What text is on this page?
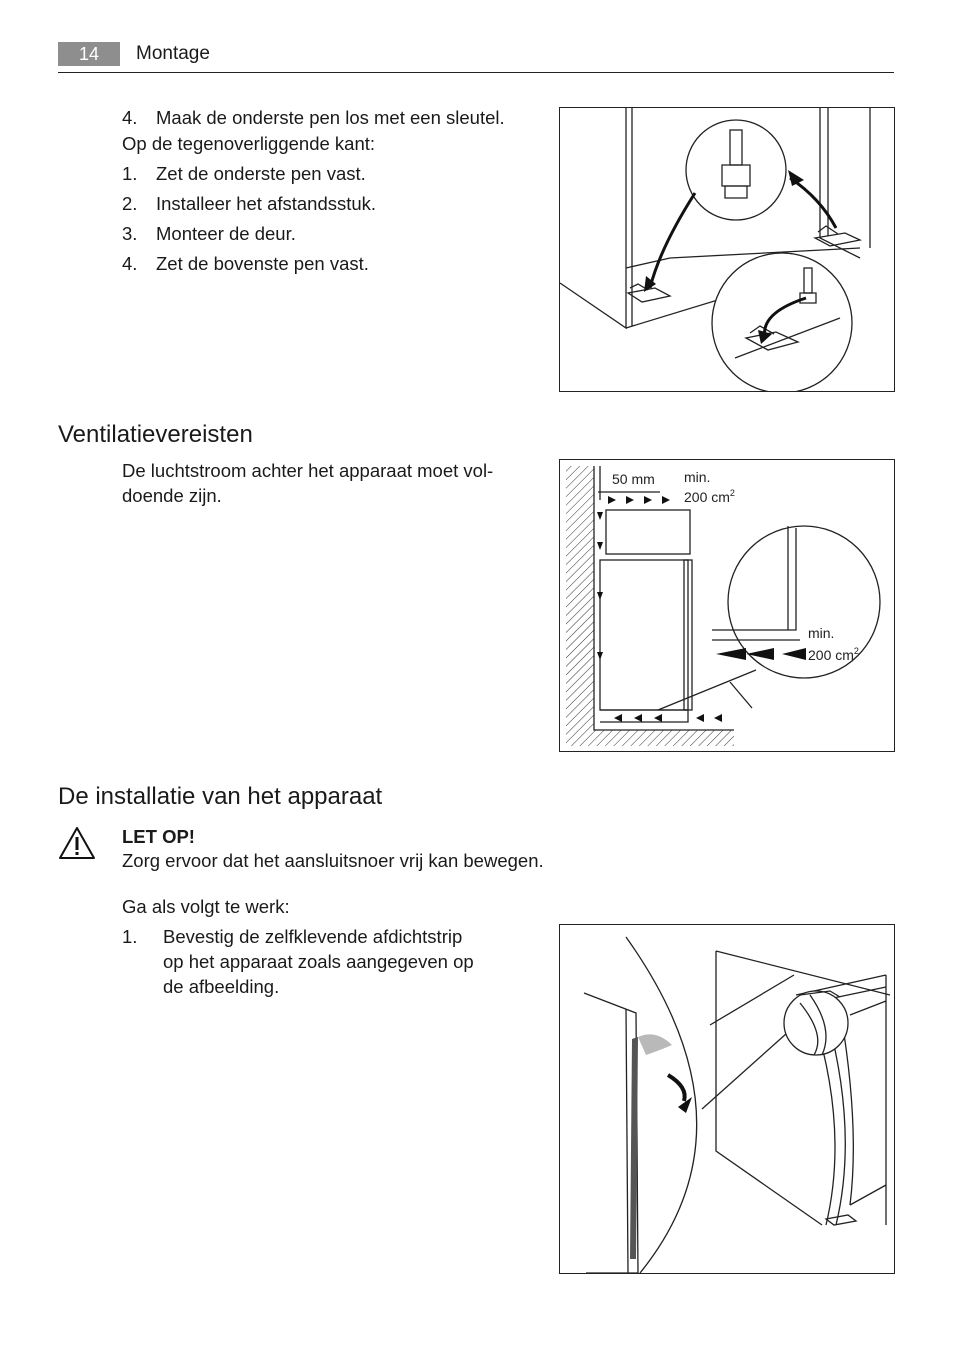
14	Montage
4. Maak de onderste pen los met een sleutel.
Op de tegenoverliggende kant:
1. Zet de onderste pen vast.
2. Installeer het afstandsstuk.
3. Monteer de deur.
4. Zet de bovenste pen vast.
Ventilatievereisten
De luchtstroom achter het apparaat moet vol-
doende zijn.
50 mm min.
200 $cm^2$
min.
200 $cm^2$
De installatie van het apparaat
LET OP!
Zorg ervoor dat het aansluitsnoer vrij kan bewegen.
Ga als volgt te werk:
1. Bevestig de zelfklevende afdichtstrip
op het apparaat zoals aangegeven op
de afbeelding.
